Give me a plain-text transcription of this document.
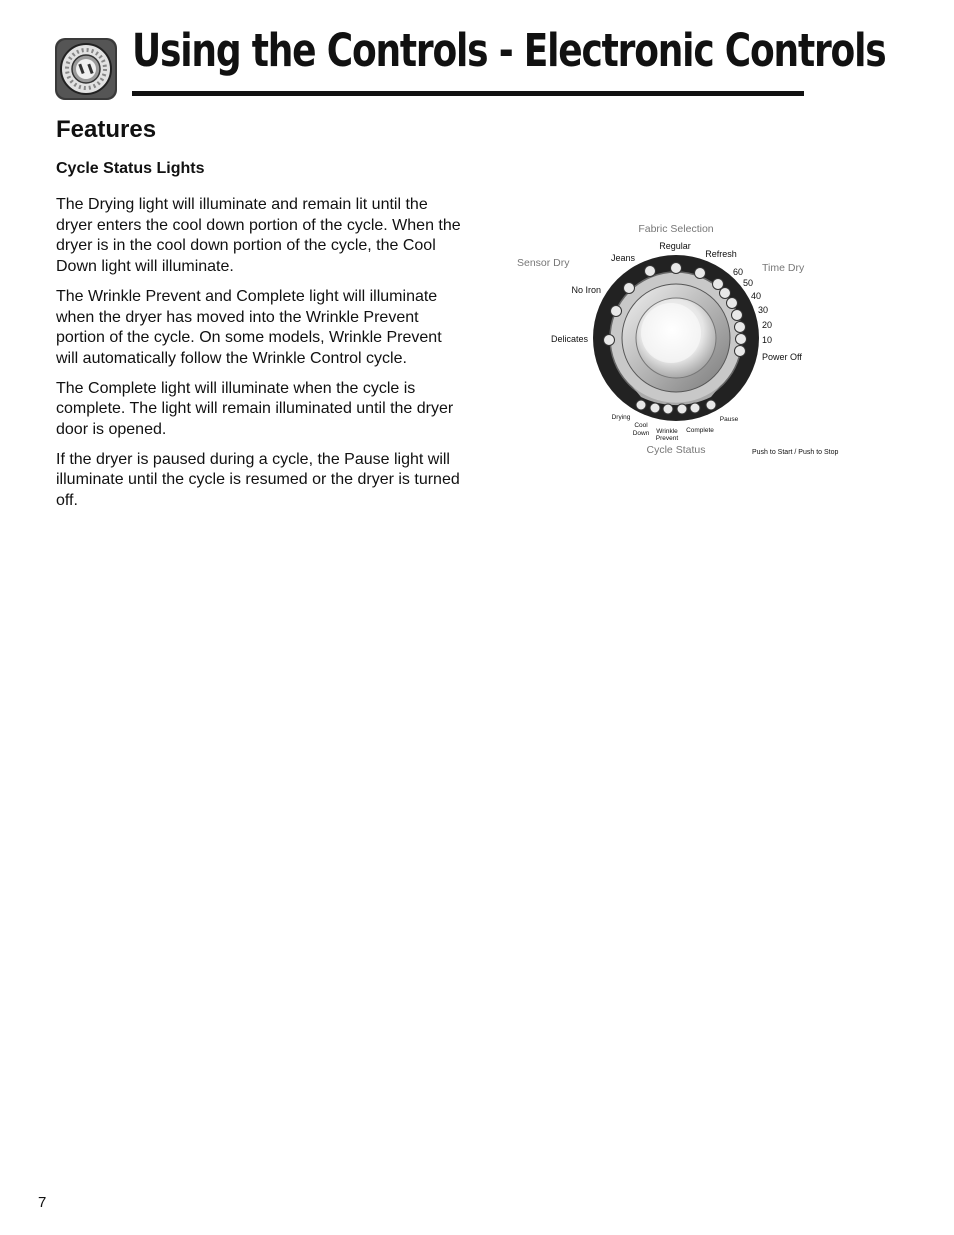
Using the Controls - Electronic Controls
Features
Cycle Status Lights

The Drying light will illuminate and remain lit until the dryer enters the cool down portion of the cycle. When the dryer is in the cool down portion of the cycle, the Cool Down light will illuminate.

The Wrinkle Prevent and Complete light will illuminate when the dryer has moved into the Wrinkle Prevent portion of the cycle. On some models, Wrinkle Prevent will automatically follow the Wrinkle Control cycle.

The Complete light will illuminate when the cycle is complete. The light will remain illuminated until the dryer door is opened.

If the dryer is paused during a cycle, the Pause light will illuminate until the cycle is resumed or the dryer is turned off.

Fabric Selection
Sensor Dry	Time Dry
Cycle Status	Push to Start / Push to Stop
Delicates
No Iron
Jeans
Regular
Refresh
60
50
40
30
20
10
Power Off
Drying
Cool
Down Wrinkle
Prevent
Complete
Pause
7
